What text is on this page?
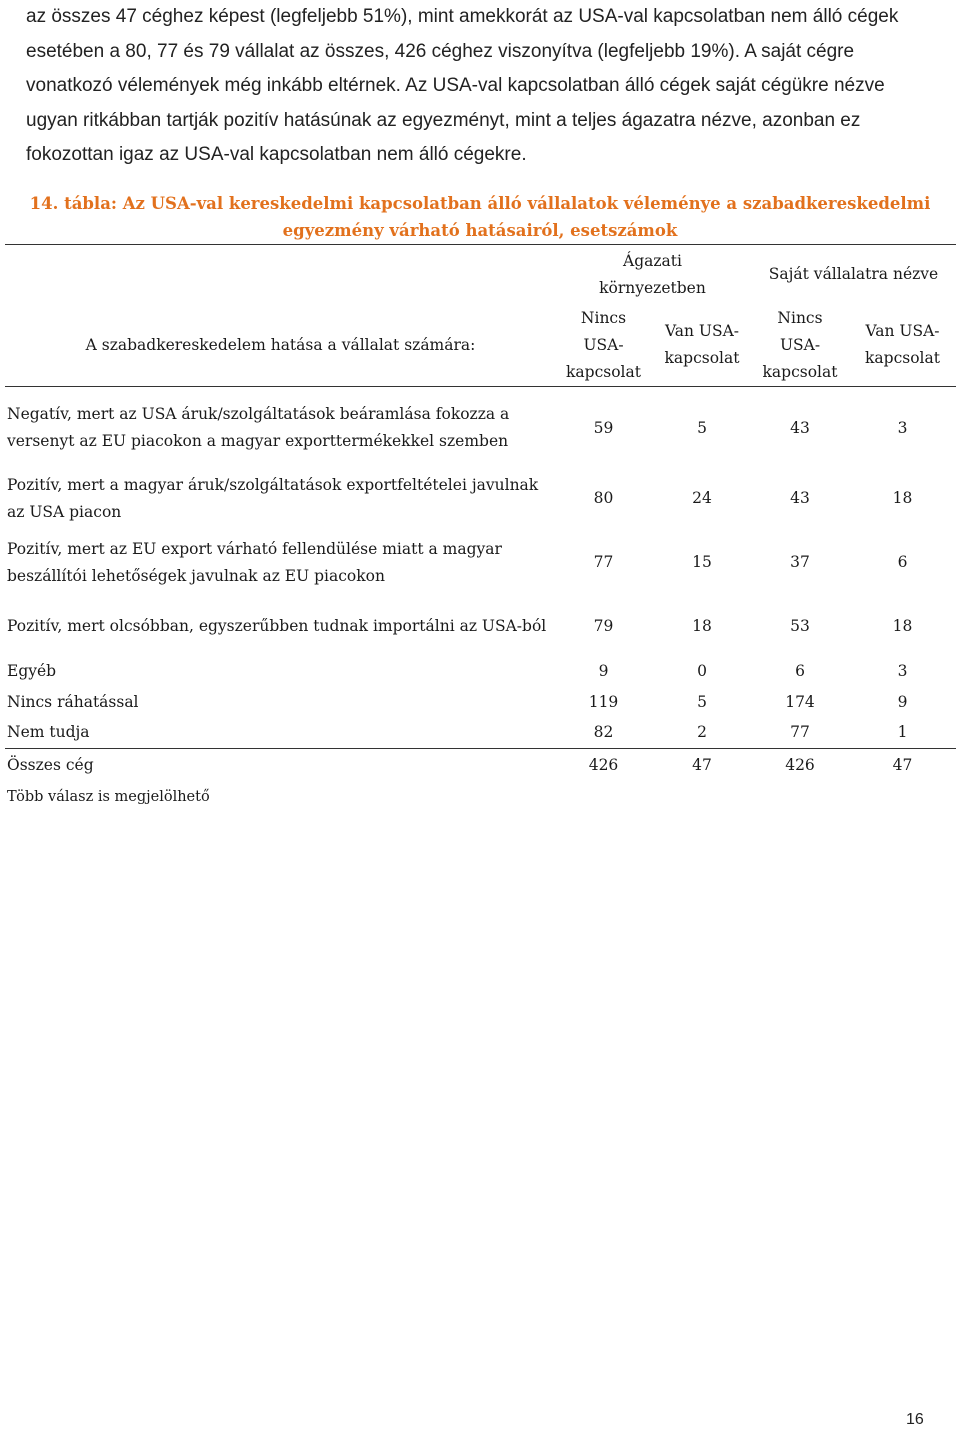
az összes 47 céghez képest (legfeljebb 51%), mint amekkorát az USA-val kapcsolatban nem álló cégek esetében a 80, 77 és 79 vállalat az összes, 426 céghez viszonyítva (legfeljebb 19%). A saját cégre vonatkozó vélemények még inkább eltérnek. Az USA-val kapcsolatban álló cégek saját cégükre nézve ugyan ritkábban tartják pozitív hatásúnak az egyezményt, mint a teljes ágazatra nézve, azonban ez fokozottan igaz az USA-val kapcsolatban nem álló cégekre.
14. tábla: Az USA-val kereskedelmi kapcsolatban álló vállalatok véleménye a szabadkereskedelmi egyezmény várható hatásairól, esetszámok

	Ágazati környezetben		Saját vállalatra nézve	
A szabadkereskedelem hatása a vállalat számára:	Nincs USA-kapcsolat	Van USA-kapcsolat	Nincs USA-kapcsolat	Van USA-kapcsolat

Negatív, mert az USA áruk/szolgáltatások beáramlása fokozza a versenyt az EU piacokon a magyar exporttermékekkel szemben	59	5	43	3
Pozitív, mert a magyar áruk/szolgáltatások exportfeltételei javulnak az USA piacon	80	24	43	18
Pozitív, mert az EU export várható fellendülése miatt a magyar beszállítói lehetőségek javulnak az EU piacokon	77	15	37	6
Pozitív, mert olcsóbban, egyszerűbben tudnak importálni az USA-ból	79	18	53	18
Egyéb	9	0	6	3
Nincs ráhatással	119	5	174	9
Nem tudja	82	2	77	1
Összes cég	426	47	426	47
Több válasz is megjelölhető				
16
